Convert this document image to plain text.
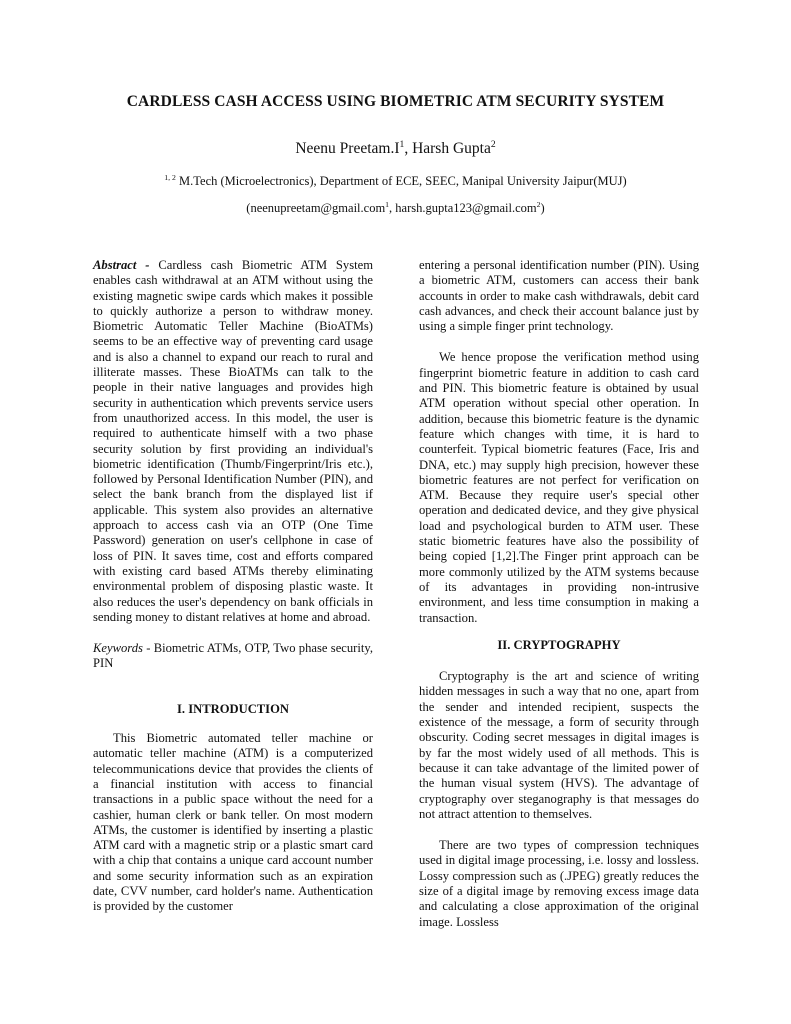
CARDLESS CASH ACCESS USING BIOMETRIC ATM SECURITY SYSTEM
Neenu $Preetam.I^1$, Harsh Gupta$^2$
$^{1, 2}$ M.Tech (Microelectronics), Department of ECE, SEEC, Manipal University Jaipur(MUJ)
(neenupreetam@gmail.com$^1$, harsh.gupta123@gmail.com$^2$)

Abstract - Cardless cash Biometric ATM System enables cash withdrawal at an ATM without using the existing magnetic swipe cards which makes it possible to quickly authorize a person to withdraw money. Biometric Automatic Teller Machine (BioATMs) seems to be an effective way of preventing card usage and is also a channel to expand our reach to rural and illiterate masses. These BioATMs can talk to the people in their native languages and provides high security in authentication which prevents service users from unauthorized access. In this model, the user is required to authenticate himself with a two phase security solution by first providing an individual's biometric identification (Thumb/Fingerprint/Iris etc.), followed by Personal Identification Number (PIN), and select the bank branch from the displayed list if applicable. This system also provides an alternative approach to access cash via an OTP (One Time Password) generation on user's cellphone in case of loss of PIN. It saves time, cost and efforts compared with existing card based ATMs thereby eliminating environmental problem of disposing plastic waste. It also reduces the user's dependency on bank officials in sending money to distant relatives at home and abroad.

Keywords - Biometric ATMs, OTP, Two phase security, PIN

I. INTRODUCTION

This Biometric automated teller machine or automatic teller machine (ATM) is a computerized telecommunications device that provides the clients of a financial institution with access to financial transactions in a public space without the need for a cashier, human clerk or bank teller. On most modern ATMs, the customer is identified by inserting a plastic ATM card with a magnetic strip or a plastic smart card with a chip that contains a unique card account number and some security information such as an expiration date, CVV number, card holder's name. Authentication is provided by the customer

entering a personal identification number (PIN). Using a biometric ATM, customers can access their bank accounts in order to make cash withdrawals, debit card cash advances, and check their account balance just by using a simple finger print technology.

We hence propose the verification method using fingerprint biometric feature in addition to cash card and PIN. This biometric feature is obtained by usual ATM operation without special other operation. In addition, because this biometric feature is the dynamic feature which changes with time, it is hard to counterfeit. Typical biometric features (Face, Iris and DNA, etc.) may supply high precision, however these biometric features are not perfect for verification on ATM. Because they require user's special other operation and dedicated device, and they give physical load and psychological burden to ATM user. These static biometric features have also the possibility of being copied [1,2].The Finger print approach can be more commonly utilized by the ATM systems because of its advantages in providing non-intrusive environment, and less time consumption in making a transaction.

II. CRYPTOGRAPHY

Cryptography is the art and science of writing hidden messages in such a way that no one, apart from the sender and intended recipient, suspects the existence of the message, a form of security through obscurity. Coding secret messages in digital images is by far the most widely used of all methods. This is because it can take advantage of the limited power of the human visual system (HVS). The advantage of cryptography over steganography is that messages do not attract attention to themselves.

There are two types of compression techniques used in digital image processing, i.e. lossy and lossless. Lossy compression such as (.JPEG) greatly reduces the size of a digital image by removing excess image data and calculating a close approximation of the original image. Lossless
